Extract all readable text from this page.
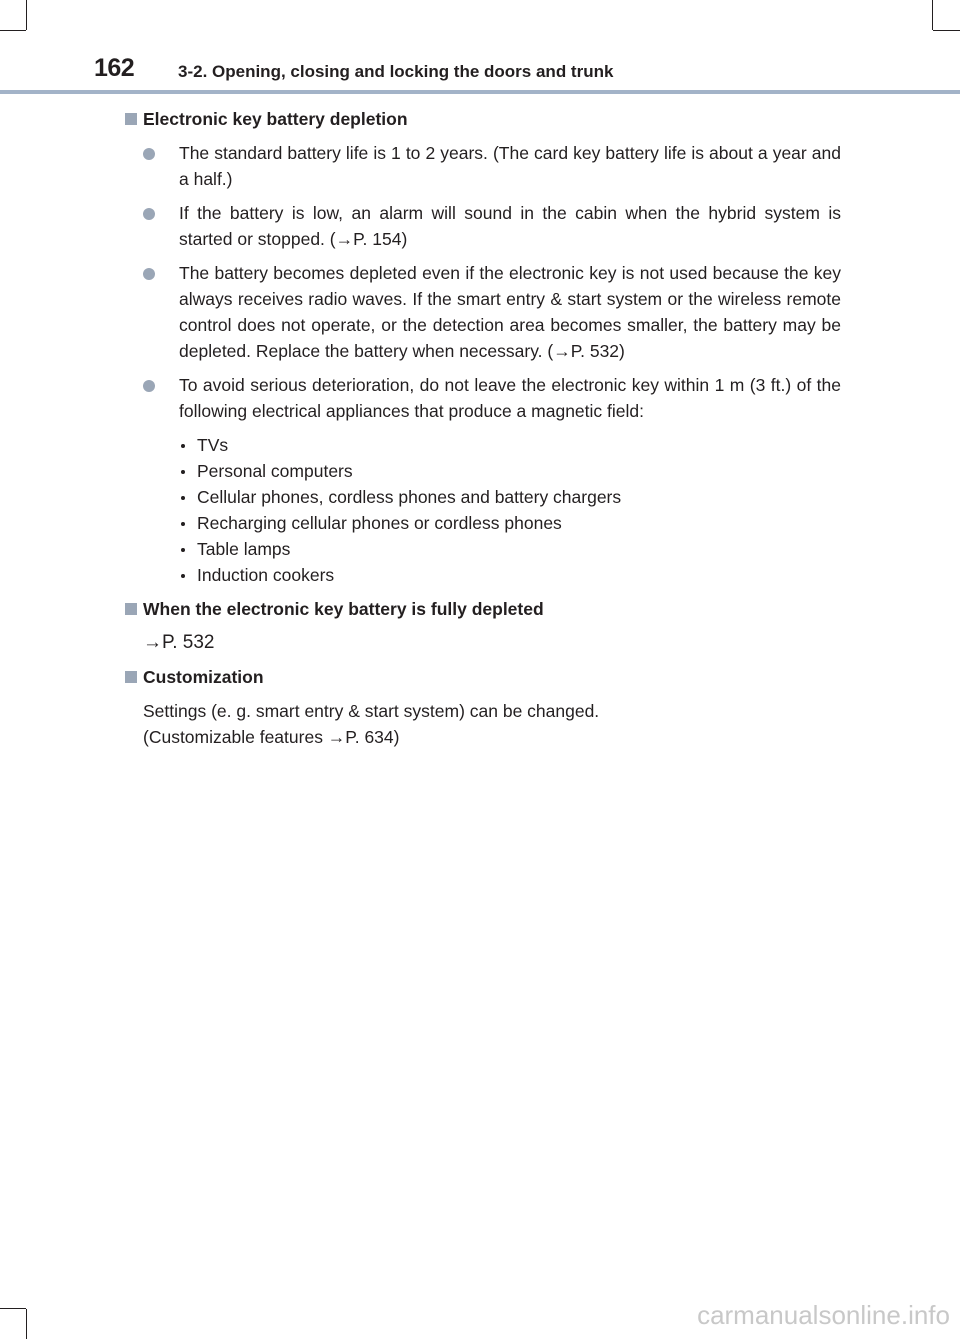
162	3-2. Opening, closing and locking the doors and trunk
Electronic key battery depletion
The standard battery life is 1 to 2 years. (The card key battery life is about a year and a half.)
If the battery is low, an alarm will sound in the cabin when the hybrid system is started or stopped. (→P. 154)
The battery becomes depleted even if the electronic key is not used because the key always receives radio waves. If the smart entry & start system or the wireless remote control does not operate, or the detection area becomes smaller, the battery may be depleted. Replace the battery when necessary. (→P. 532)
To avoid serious deterioration, do not leave the electronic key within 1 m (3 ft.) of the following electrical appliances that produce a magnetic field:
TVs
Personal computers
Cellular phones, cordless phones and battery chargers
Recharging cellular phones or cordless phones
Table lamps
Induction cookers
When the electronic key battery is fully depleted
→P. 532
Customization
Settings (e. g. smart entry & start system) can be changed.
(Customizable features →P. 634)
carmanualsonline.info
